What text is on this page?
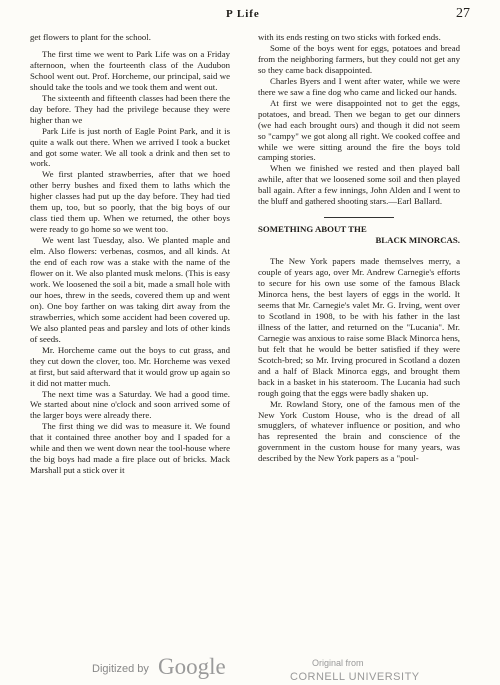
P Life	27

get flowers to plant for the school.

The first time we went to Park Life was on a Friday afternoon, when the fourteenth class of the Audubon School went out. Prof. Horcheme, our principal, said we should take the tools and we took them and went out.

The sixteenth and fifteenth classes had been there the day before. They had the privilege because they were higher than we

Park Life is just north of Eagle Point Park, and it is quite a walk out there. When we arrived I took a bucket and got some water. We all took a drink and then set to work.

We first planted strawberries, after that we hoed other berry bushes and fixed them to laths which the higher classes had put up the day before. They had tied them up, too, but so poorly, that the big boys of our class tied them up. When we returned, the other boys were ready to go home so we went too.

We went last Tuesday, also. We planted maple and elm. Also flowers: verbenas, cosmos, and all kinds. At the end of each row was a stake with the name of the flower on it. We also planted musk melons. (This is easy work. We loosened the soil a bit, made a small hole with our hoes, threw in the seeds, covered them up and went on). One boy farther on was taking dirt away from the strawberries, which some accident had been covered up. We also planted peas and parsley and lots of other kinds of seeds.

Mr. Horcheme came out the boys to cut grass, and they cut down the clover, too. Mr. Horcheme was vexed at first, but said afterward that it would grow up again so it did not matter much.

The next time was a Saturday. We had a good time. We started about nine o'clock and soon arrived some of the larger boys were already there.

The first thing we did was to measure it. We found that it contained three another boy and I spaded for a while and then we went down near the tool-house where the big boys had made a fire place out of bricks. Mack Marshall put a stick over it

with its ends resting on two sticks with forked ends.

Some of the boys went for eggs, potatoes and bread from the neighboring farmers, but they could not get any so they came back disappointed.

Charles Byers and I went after water, while we were there we saw a fine dog who came and licked our hands.

At first we were disappointed not to get the eggs, potatoes, and bread. Then we began to get our dinners (we had each brought ours) and though it did not seem so "campy" we got along all right. We cooked coffee and while we were sitting around the fire the boys told camping stories.

When we finished we rested and then played ball awhile, after that we loosened some soil and then played ball again. After a few innings, John Alden and I went to the bluff and gathered shooting stars.—Earl Ballard.

SOMETHING ABOUT THE

BLACK MINORCAS.

The New York papers made themselves merry, a couple of years ago, over Mr. Andrew Carnegie's efforts to secure for his own use some of the famous Black Minorca hens, the best layers of eggs in the world. It seems that Mr. Carnegie's valet Mr. G. Irving, went over to Scotland in 1908, to be with his father in the last illness of the latter, and returned on the "Lucania". Mr. Carnegie was anxious to raise some Black Minorca hens, but felt that he would be better satisfied if they were Scotch-bred; so Mr. Irving procured in Scotland a dozen and a half of Black Minorca eggs, and brought them back in a basket in his stateroom. The Lucania had such rough going that the eggs were badly shaken up.

Mr. Rowland Story, one of the famous men of the New York Custom House, who is the dread of all smugglers, of whatever influence or position, and who has represented the brain and conscience of the government in the custom house for many years, was described by the New York papers as a "poul-

Digitized by Google	Original from
CORNELL UNIVERSITY
